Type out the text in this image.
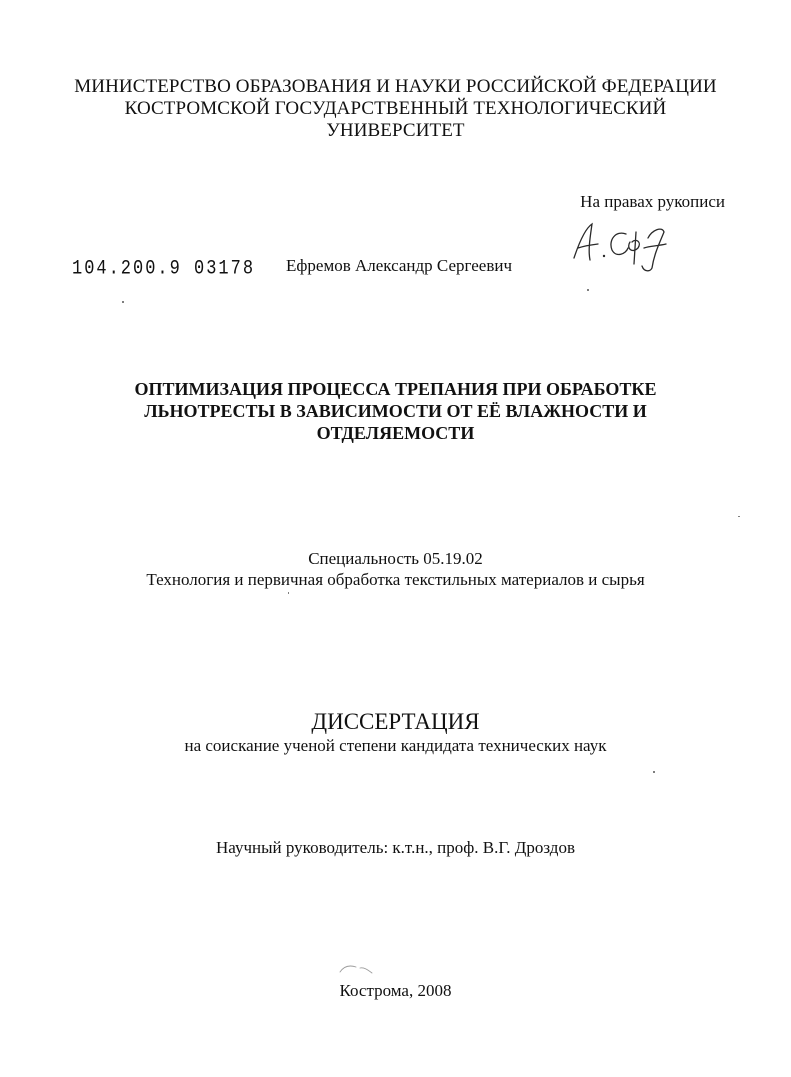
МИНИСТЕРСТВО ОБРАЗОВАНИЯ И НАУКИ РОССИЙСКОЙ ФЕДЕРАЦИИ
КОСТРОМСКОЙ ГОСУДАРСТВЕННЫЙ ТЕХНОЛОГИЧЕСКИЙ
УНИВЕРСИТЕТ
На правах рукописи
104.200.9 03178 Ефремов Александр Сергеевич
ОПТИМИЗАЦИЯ ПРОЦЕССА ТРЕПАНИЯ ПРИ ОБРАБОТКЕ
ЛЬНОТРЕСТЫ В ЗАВИСИМОСТИ ОТ ЕЁ ВЛАЖНОСТИ И
ОТДЕЛЯЕМОСТИ
Специальность 05.19.02
Технология и первичная обработка текстильных материалов и сырья
ДИССЕРТАЦИЯ
на соискание ученой степени кандидата технических наук
Научный руководитель: к.т.н., проф. В.Г. Дроздов
Кострома, 2008
